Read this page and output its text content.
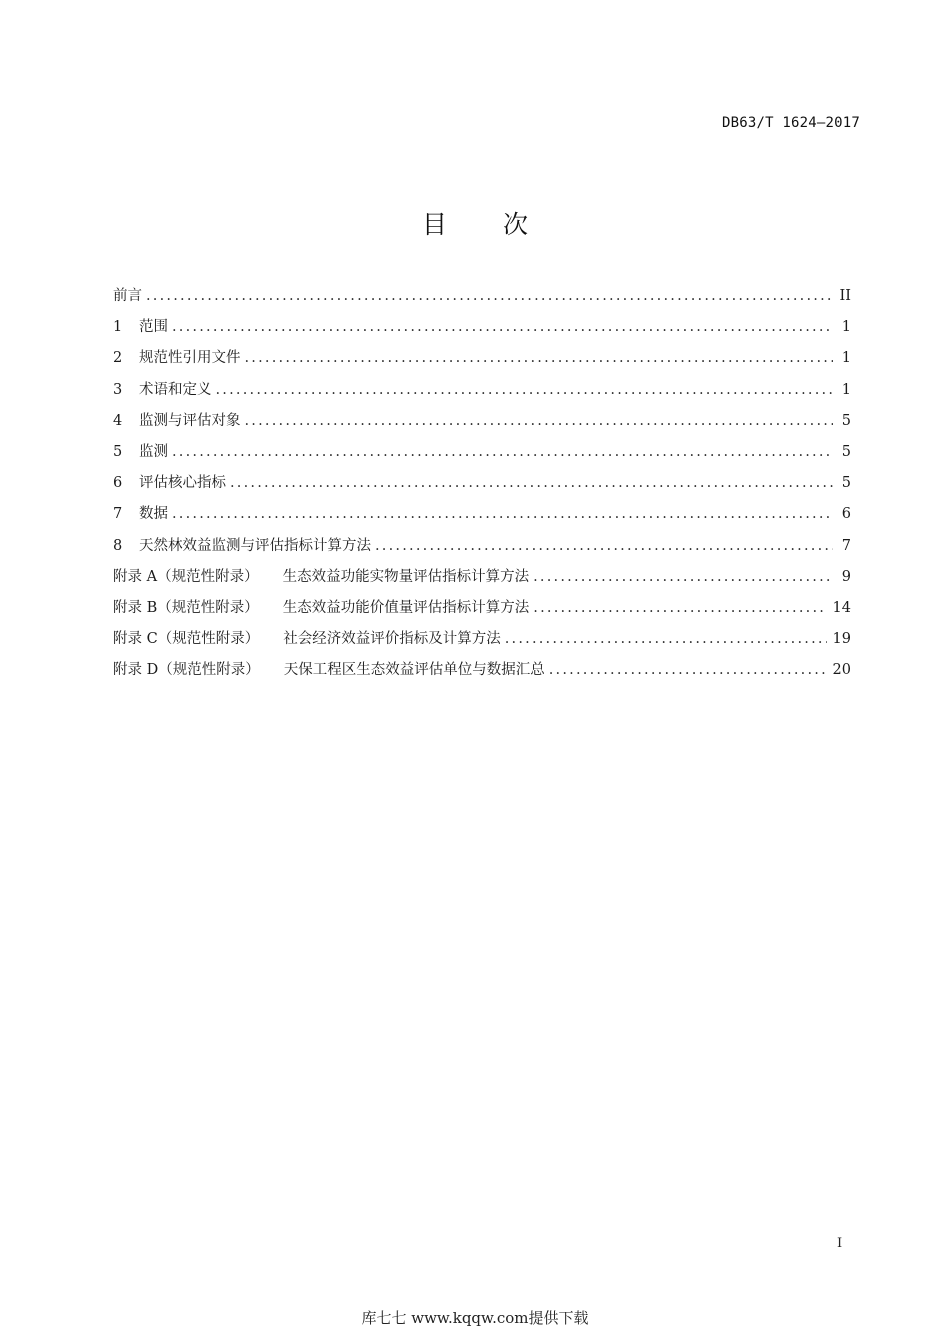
DB63/T 1624—2017
目 次
前言 .....	II
1	范围 .....	1
2	规范性引用文件 .....	1
3	术语和定义 .....	1
4	监测与评估对象 .....	5
5	监测 .....	5
6	评估核心指标 .....	5
7	数据 .....	6
8	天然林效益监测与评估指标计算方法 .....	7
附录 A（规范性附录）	生态效益功能实物量评估指标计算方法 .....	9
附录 B（规范性附录）	生态效益功能价值量评估指标计算方法 .....	14
附录 C（规范性附录）	社会经济效益评价指标及计算方法 .....	19
附录 D（规范性附录）	天保工程区生态效益评估单位与数据汇总 .....	20
I
库七七 www.kqqw.com提供下载
